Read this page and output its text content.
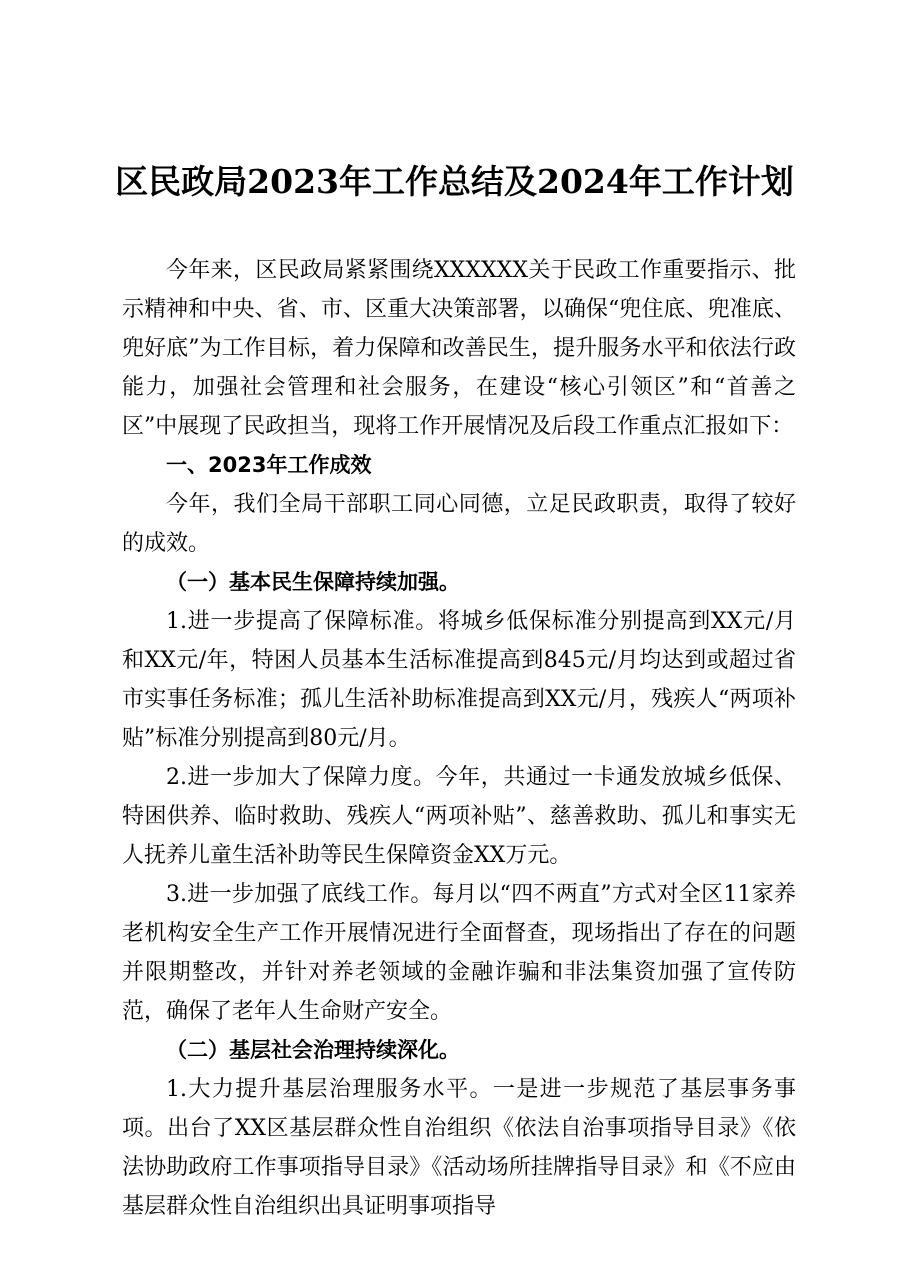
区民政局2023年工作总结及2024年工作计划

今年来，区民政局紧紧围绕XXXXXX关于民政工作重要指示、批示精神和中央、省、市、区重大决策部署，以确保“兜住底、兜准底、兜好底”为工作目标，着力保障和改善民生，提升服务水平和依法行政能力，加强社会管理和社会服务，在建设“核心引领区”和“首善之区”中展现了民政担当，现将工作开展情况及后段工作重点汇报如下：

一、2023年工作成效

今年，我们全局干部职工同心同德，立足民政职责，取得了较好的成效。

（一）基本民生保障持续加强。

1.进一步提高了保障标准。将城乡低保标准分别提高到XX元/月和XX元/年，特困人员基本生活标准提高到845元/月均达到或超过省市实事任务标准；孤儿生活补助标准提高到XX元/月，残疾人“两项补贴”标准分别提高到80元/月。

2.进一步加大了保障力度。今年，共通过一卡通发放城乡低保、特困供养、临时救助、残疾人“两项补贴”、慈善救助、孤儿和事实无人抚养儿童生活补助等民生保障资金XX万元。

3.进一步加强了底线工作。每月以“四不两直”方式对全区11家养老机构安全生产工作开展情况进行全面督查，现场指出了存在的问题并限期整改，并针对养老领域的金融诈骗和非法集资加强了宣传防范，确保了老年人生命财产安全。

（二）基层社会治理持续深化。

1.大力提升基层治理服务水平。一是进一步规范了基层事务事项。出台了XX区基层群众性自治组织《依法自治事项指导目录》《依法协助政府工作事项指导目录》《活动场所挂牌指导目录》和《不应由基层群众性自治组织出具证明事项指导
